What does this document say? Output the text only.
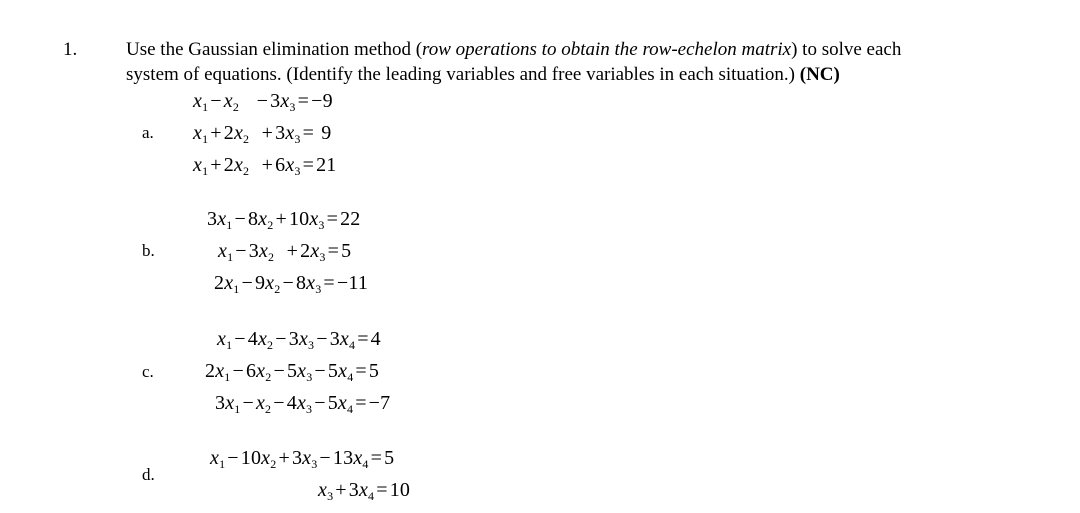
1.	Use the Gaussian elimination method (row operations to obtain the row-echelon matrix) to solve each
system of equations. (Identify the leading variables and free variables in each situation.) (NC)
a.
$x_1 - x_2 - 3x_3 = -9$
$x_1 + 2x_2 + 3x_3 = 9$
$x_1 + 2x_2 + 6x_3 = 21$
b.
$3x_1 - 8x_2 + 10x_3 = 22$
$x_1 - 3x_2 + 2x_3 = 5$
$2x_1 - 9x_2 - 8x_3 = -11$
c.
$x_1 - 4x_2 - 3x_3 - 3x_4 = 4$
$2x_1 - 6x_2 - 5x_3 - 5x_4 = 5$
$3x_1 - x_2 - 4x_3 - 5x_4 = -7$
d.
$x_1 - 10x_2 + 3x_3 - 13x_4 = 5$
$x_3 + 3x_4 = 10$
